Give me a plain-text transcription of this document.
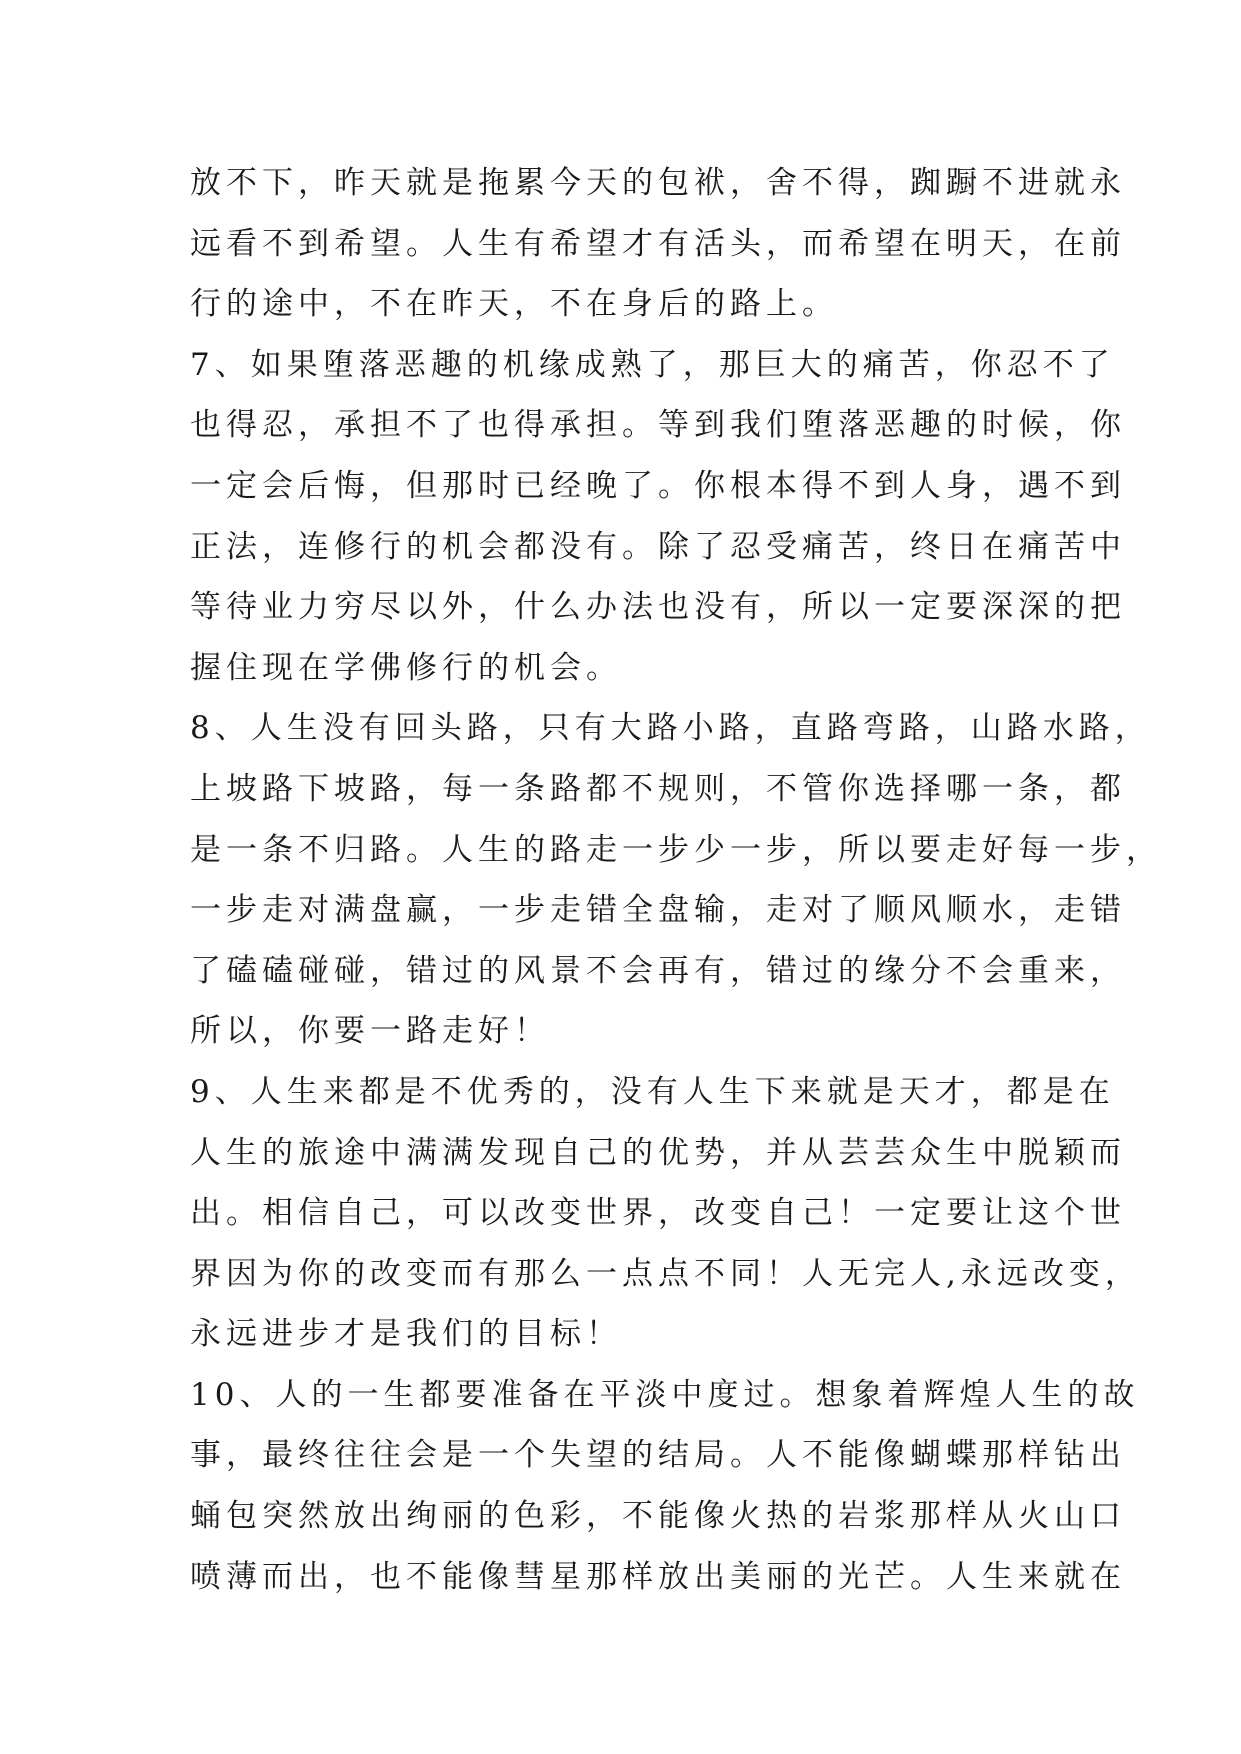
放不下，昨天就是拖累今天的包袱，舍不得，踟蹰不进就永
远看不到希望。人生有希望才有活头，而希望在明天，在前
行的途中，不在昨天，不在身后的路上。
7、如果堕落恶趣的机缘成熟了，那巨大的痛苦，你忍不了
也得忍，承担不了也得承担。等到我们堕落恶趣的时候，你
一定会后悔，但那时已经晚了。你根本得不到人身，遇不到
正法，连修行的机会都没有。除了忍受痛苦，终日在痛苦中
等待业力穷尽以外，什么办法也没有，所以一定要深深的把
握住现在学佛修行的机会。
8、人生没有回头路，只有大路小路，直路弯路，山路水路，
上坡路下坡路，每一条路都不规则，不管你选择哪一条，都
是一条不归路。人生的路走一步少一步，所以要走好每一步，
一步走对满盘赢，一步走错全盘输，走对了顺风顺水，走错
了磕磕碰碰，错过的风景不会再有，错过的缘分不会重来，
所以，你要一路走好！
9、人生来都是不优秀的，没有人生下来就是天才，都是在
人生的旅途中满满发现自己的优势，并从芸芸众生中脱颖而
出。相信自己，可以改变世界，改变自己！一定要让这个世
界因为你的改变而有那么一点点不同！人无完人,永远改变，
永远进步才是我们的目标！
10、人的一生都要准备在平淡中度过。想象着辉煌人生的故
事，最终往往会是一个失望的结局。人不能像蝴蝶那样钻出
蛹包突然放出绚丽的色彩，不能像火热的岩浆那样从火山口
喷薄而出，也不能像彗星那样放出美丽的光芒。人生来就在
